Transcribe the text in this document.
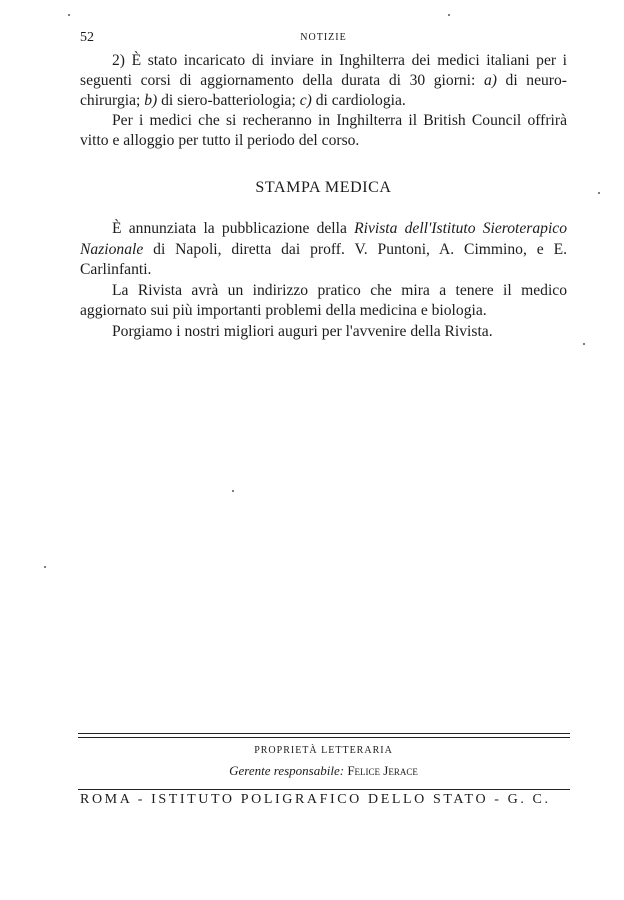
52	NOTIZIE

2) È stato incaricato di inviare in Inghilterra dei medici italiani per i seguenti corsi di aggiornamento della durata di 30 giorni: a) di neuro-chirurgia; b) di siero-batteriologia; c) di cardiologia.

Per i medici che si recheranno in Inghilterra il British Council offrirà vitto e alloggio per tutto il periodo del corso.

STAMPA MEDICA

È annunziata la pubblicazione della Rivista dell'Istituto Sieroterapico Nazionale di Napoli, diretta dai proff. V. Puntoni, A. Cimmino, e E. Carlinfanti.

La Rivista avrà un indirizzo pratico che mira a tenere il medico aggiornato sui più importanti problemi della medicina e biologia.

Porgiamo i nostri migliori auguri per l'avvenire della Rivista.

PROPRIETÀ LETTERARIA
Gerente responsabile: Felice Jerace
ROMA - ISTITUTO POLIGRAFICO DELLO STATO - G. C.
